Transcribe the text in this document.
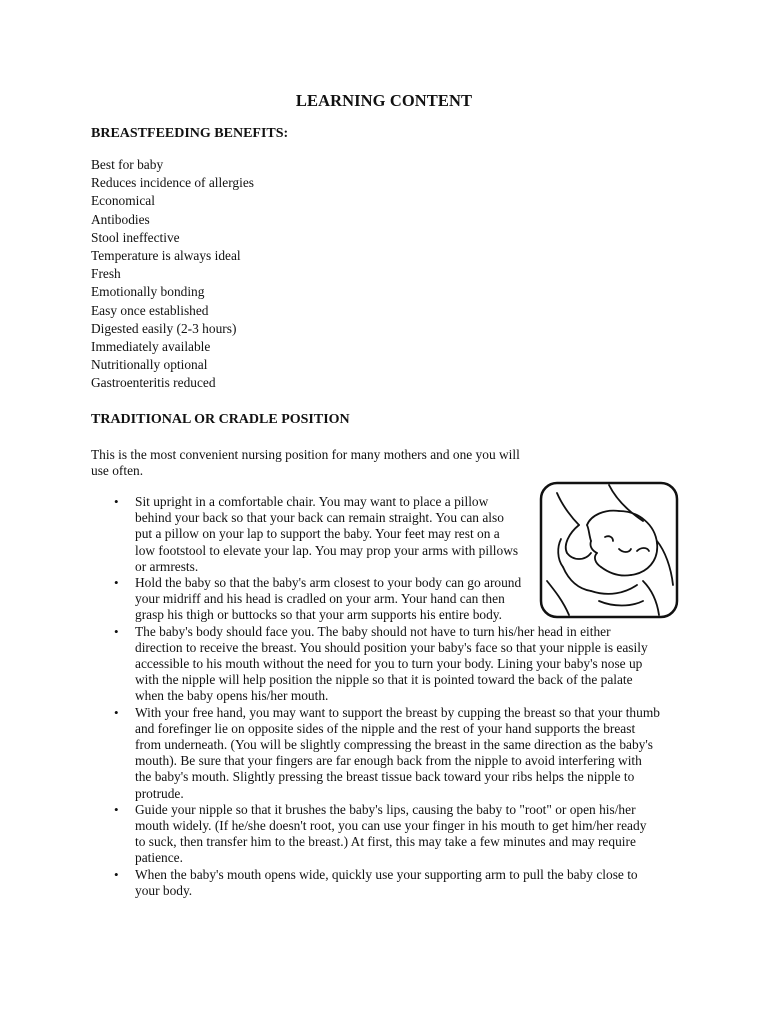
LEARNING CONTENT
BREASTFEEDING BENEFITS:
Best for baby
Reduces incidence of allergies
Economical
Antibodies
Stool ineffective
Temperature is always ideal
Fresh
Emotionally bonding
Easy once established
Digested easily (2-3 hours)
Immediately available
Nutritionally optional
Gastroenteritis reduced
TRADITIONAL OR CRADLE POSITION

This is the most convenient nursing position for many mothers and one you will
use often.

• Sit upright in a comfortable chair. You may want to place a pillow
behind your back so that your back can remain straight. You can also
put a pillow on your lap to support the baby. Your feet may rest on a
low footstool to elevate your lap. You may prop your arms with pillows
or armrests.
• Hold the baby so that the baby's arm closest to your body can go around
your midriff and his head is cradled on your arm. Your hand can then
grasp his thigh or buttocks so that your arm supports his entire body.
• The baby's body should face you. The baby should not have to turn his/her head in either
direction to receive the breast. You should position your baby's face so that your nipple is easily
accessible to his mouth without the need for you to turn your body. Lining your baby's nose up
with the nipple will help position the nipple so that it is pointed toward the back of the palate
when the baby opens his/her mouth.
• With your free hand, you may want to support the breast by cupping the breast so that your thumb
and forefinger lie on opposite sides of the nipple and the rest of your hand supports the breast
from underneath. (You will be slightly compressing the breast in the same direction as the baby's
mouth). Be sure that your fingers are far enough back from the nipple to avoid interfering with
the baby's mouth. Slightly pressing the breast tissue back toward your ribs helps the nipple to
protrude.
• Guide your nipple so that it brushes the baby's lips, causing the baby to "root" or open his/her
mouth widely. (If he/she doesn't root, you can use your finger in his mouth to get him/her ready
to suck, then transfer him to the breast.) At first, this may take a few minutes and may require
patience.
• When the baby's mouth opens wide, quickly use your supporting arm to pull the baby close to
your body.
